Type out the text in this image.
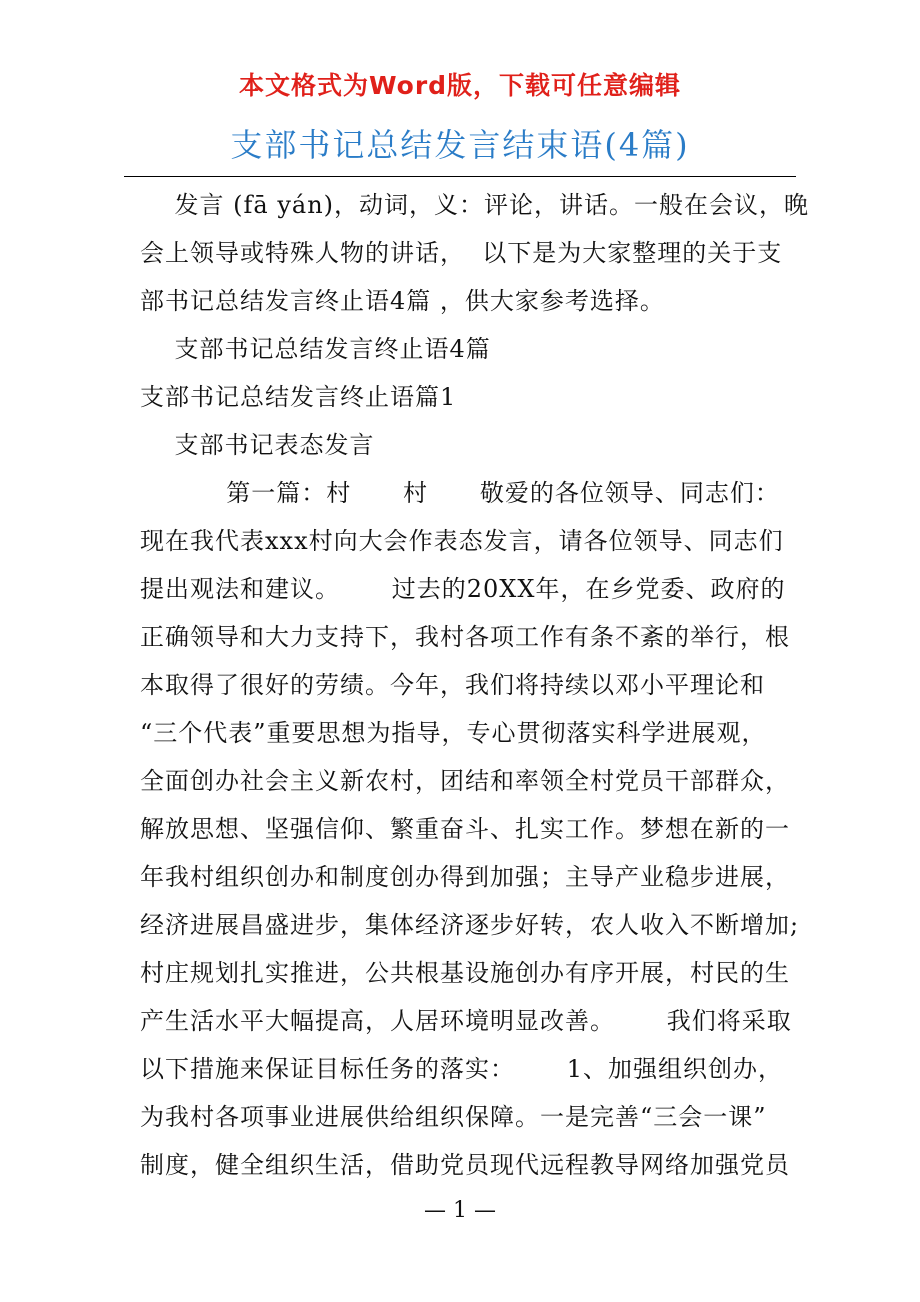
本文格式为Word版，下载可任意编辑
支部书记总结发言结束语(4篇)
发言 (fā yán)，动词，义：评论，讲话。一般在会议，晚
会上领导或特殊人物的讲话，  以下是为大家整理的关于支
部书记总结发言终止语4篇 ，供大家参考选择。
支部书记总结发言终止语4篇
支部书记总结发言终止语篇1
支部书记表态发言
第一篇：村      村      敬爱的各位领导、同志们：
现在我代表xxx村向大会作表态发言，请各位领导、同志们
提出观法和建议。      过去的20XX年，在乡党委、政府的
正确领导和大力支持下，我村各项工作有条不紊的举行，根
本取得了很好的劳绩。今年，我们将持续以邓小平理论和
“三个代表”重要思想为指导，专心贯彻落实科学进展观，
全面创办社会主义新农村，团结和率领全村党员干部群众，
解放思想、坚强信仰、繁重奋斗、扎实工作。梦想在新的一
年我村组织创办和制度创办得到加强；主导产业稳步进展，
经济进展昌盛进步，集体经济逐步好转，农人收入不断增加;
村庄规划扎实推进，公共根基设施创办有序开展，村民的生
产生活水平大幅提高，人居环境明显改善。      我们将采取
以下措施来保证目标任务的落实：      1、加强组织创办，
为我村各项事业进展供给组织保障。一是完善“三会一课”
制度，健全组织生活，借助党员现代远程教导网络加强党员
— 1 —
